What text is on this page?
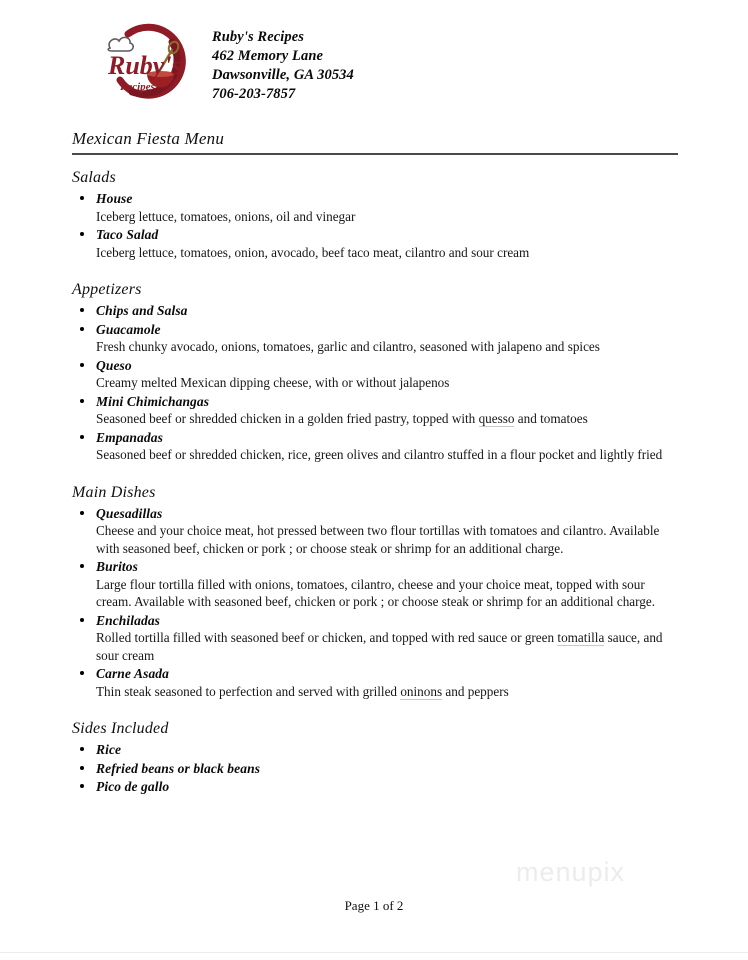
Ruby's
Recipes
Ruby's Recipes
462 Memory Lane
Dawsonville, GA 30534
706-203-7857
Mexican Fiesta Menu
Salads
House
Iceberg lettuce, tomatoes, onions, oil and vinegar
Taco Salad
Iceberg lettuce, tomatoes, onion, avocado, beef taco meat, cilantro and sour cream
Appetizers
Chips and Salsa
Guacamole
Fresh chunky avocado, onions, tomatoes, garlic and cilantro, seasoned with jalapeno and spices
Queso
Creamy melted Mexican dipping cheese, with or without jalapenos
Mini Chimichangas
Seasoned beef or shredded chicken in a golden fried pastry, topped with quesso and tomatoes
Empanadas
Seasoned beef or shredded chicken, rice, green olives and cilantro stuffed in a flour pocket and lightly fried
Main Dishes
Quesadillas
Cheese and your choice meat, hot pressed between two flour tortillas with tomatoes and cilantro. Available with seasoned beef, chicken or pork ; or choose steak or shrimp for an additional charge.
Buritos
Large flour tortilla filled with onions, tomatoes, cilantro, cheese and your choice meat, topped with sour cream. Available with seasoned beef, chicken or pork ; or choose steak or shrimp for an additional charge.
Enchiladas
Rolled tortilla filled with seasoned beef or chicken, and topped with red sauce or green tomatilla sauce, and sour cream
Carne Asada
Thin steak seasoned to perfection and served with grilled oninons and peppers
Sides Included
Rice
Refried beans or black beans
Pico de gallo
menupix
Page 1 of 2
